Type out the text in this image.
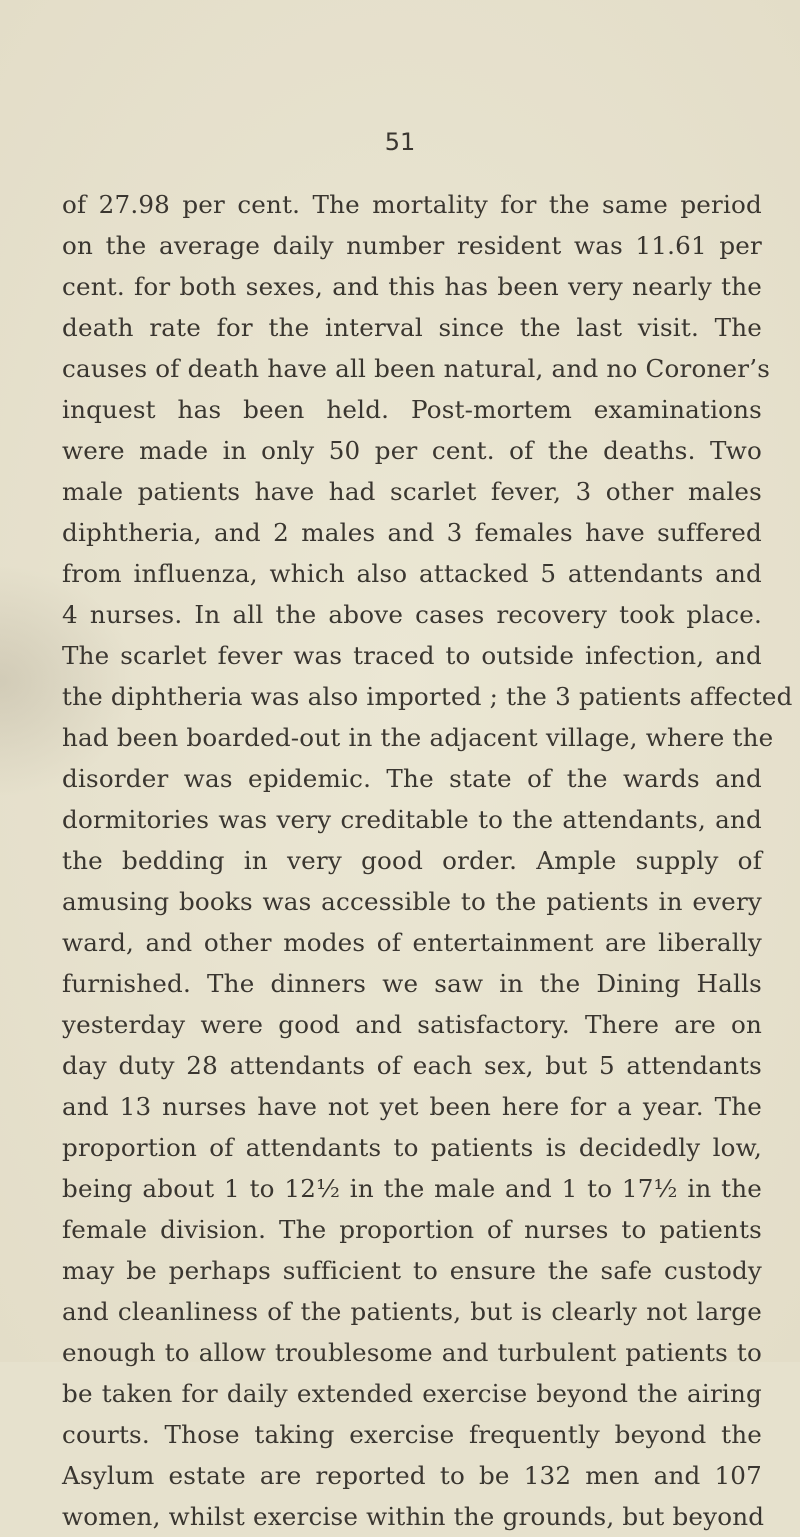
51
of 27.98 per cent. The mortality for the same period
on the average daily number resident was 11.61 per
cent. for both sexes, and this has been very nearly the
death rate for the interval since the last visit. The
causes of death have all been natural, and no Coroner’s
inquest has been held. Post-mortem examinations
were made in only 50 per cent. of the deaths. Two
male patients have had scarlet fever, 3 other males
diphtheria, and 2 males and 3 females have suffered
from influenza, which also attacked 5 attendants and
4 nurses. In all the above cases recovery took place.
The scarlet fever was traced to outside infection, and
the diphtheria was also imported ; the 3 patients affected
had been boarded-out in the adjacent village, where the
disorder was epidemic. The state of the wards and
dormitories was very creditable to the attendants, and
the bedding in very good order. Ample supply of
amusing books was accessible to the patients in every
ward, and other modes of entertainment are liberally
furnished. The dinners we saw in the Dining Halls
yesterday were good and satisfactory. There are on
day duty 28 attendants of each sex, but 5 attendants
and 13 nurses have not yet been here for a year. The
proportion of attendants to patients is decidedly low,
being about 1 to 12½ in the male and 1 to 17½ in the
female division. The proportion of nurses to patients
may be perhaps sufficient to ensure the safe custody
and cleanliness of the patients, but is clearly not large
enough to allow troublesome and turbulent patients to
be taken for daily extended exercise beyond the airing
courts. Those taking exercise frequently beyond the
Asylum estate are reported to be 132 men and 107
women, whilst exercise within the grounds, but beyond
